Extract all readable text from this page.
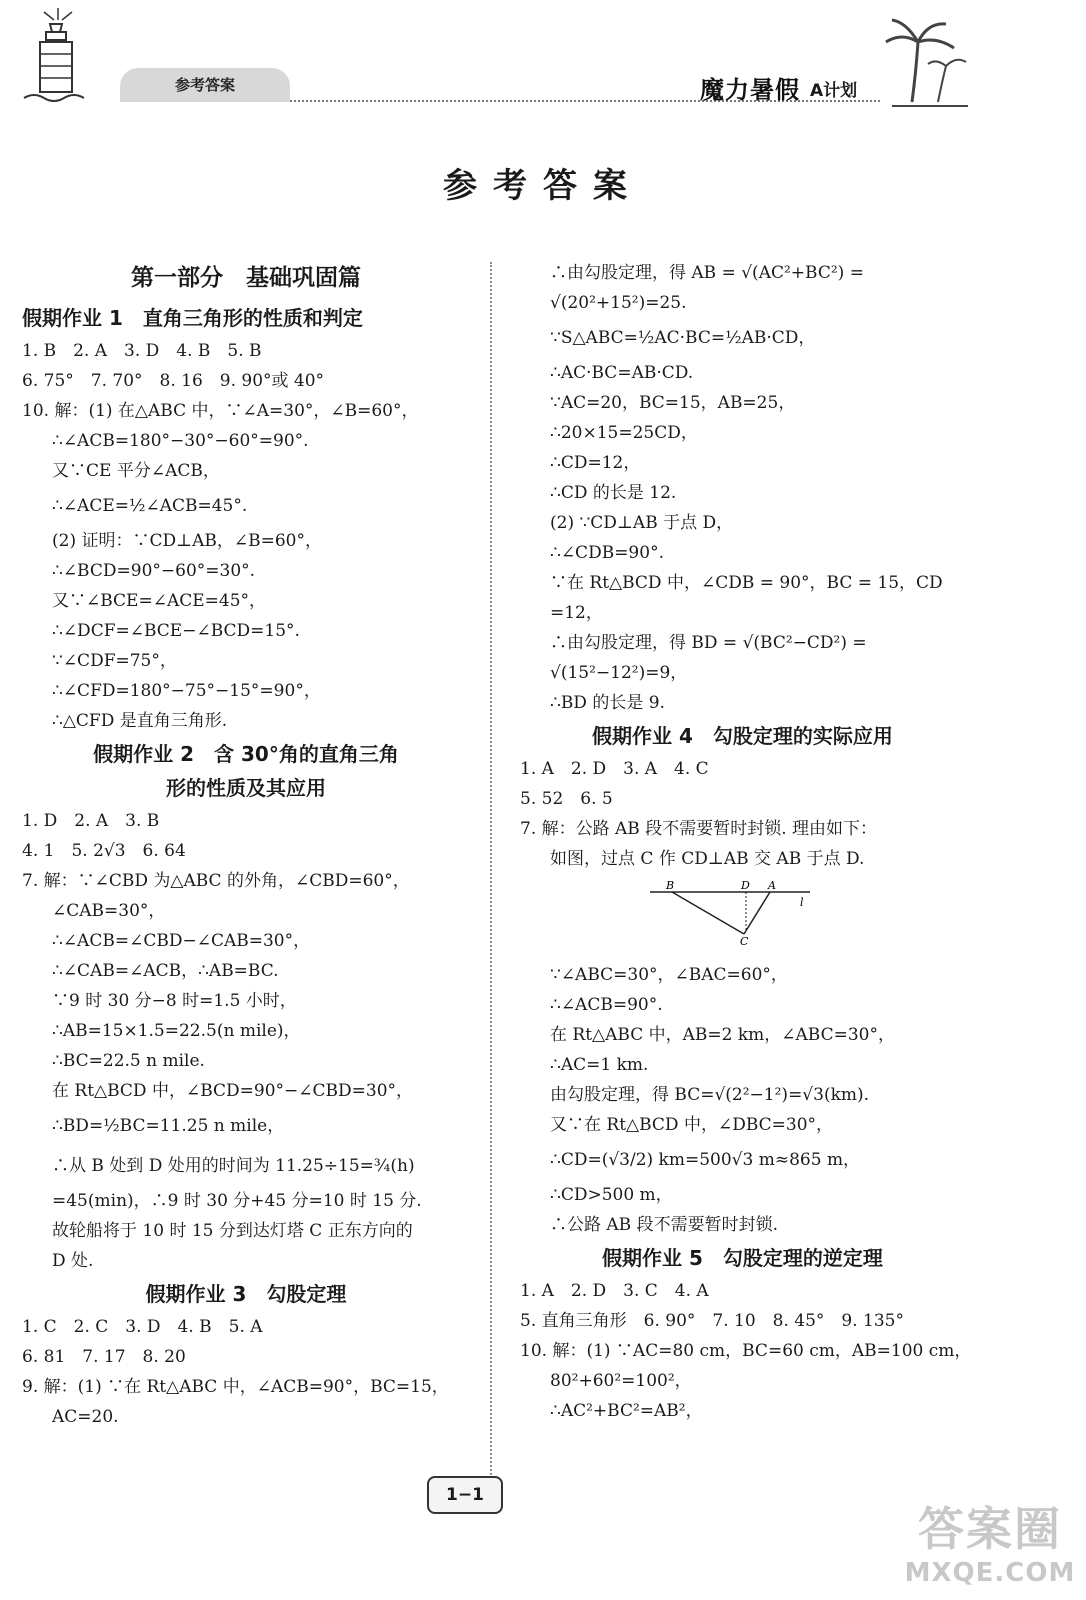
参考答案	魔力暑假 A计划
参考答案
第一部分　基础巩固篇
假期作业 1　直角三角形的性质和判定
1. B　2. A　3. D　4. B　5. B
6. 75°　7. 70°　8. 16　9. 90°或 40°
10. 解：(1) 在△ABC 中，∵∠A=30°，∠B=60°，
∴∠ACB=180°−30°−60°=90°.
又∵CE 平分∠ACB，
∴∠ACE=½∠ACB=45°.
(2) 证明：∵CD⊥AB，∠B=60°，
∴∠BCD=90°−60°=30°.
又∵∠BCE=∠ACE=45°，
∴∠DCF=∠BCE−∠BCD=15°.
∵∠CDF=75°，
∴∠CFD=180°−75°−15°=90°，
∴△CFD 是直角三角形.
假期作业 2　含 30°角的直角三角
形的性质及其应用
1. D　2. A　3. B
4. 1　5. 2√3　6. 64
7. 解：∵∠CBD 为△ABC 的外角，∠CBD=60°，
∠CAB=30°，
∴∠ACB=∠CBD−∠CAB=30°，
∴∠CAB=∠ACB，∴AB=BC.
∵9 时 30 分−8 时=1.5 小时，
∴AB=15×1.5=22.5(n mile)，
∴BC=22.5 n mile.
在 Rt△BCD 中，∠BCD=90°−∠CBD=30°，
∴BD=½BC=11.25 n mile，
∴从 B 处到 D 处用的时间为 11.25÷15=¾(h)
=45(min)，∴9 时 30 分+45 分=10 时 15 分.
故轮船将于 10 时 15 分到达灯塔 C 正东方向的
D 处.
假期作业 3　勾股定理
1. C　2. C　3. D　4. B　5. A
6. 81　7. 17　8. 20
9. 解：(1) ∵在 Rt△ABC 中，∠ACB=90°，BC=15，
AC=20.
∴由勾股定理，得 AB = √(AC²+BC²) =
√(20²+15²)=25.
∵S△ABC=½AC·BC=½AB·CD，
∴AC·BC=AB·CD.
∵AC=20，BC=15，AB=25，
∴20×15=25CD，
∴CD=12，
∴CD 的长是 12.
(2) ∵CD⊥AB 于点 D，
∴∠CDB=90°.
∵在 Rt△BCD 中，∠CDB = 90°，BC = 15，CD
=12，
∴由勾股定理，得 BD = √(BC²−CD²) =
√(15²−12²)=9，
∴BD 的长是 9.
假期作业 4　勾股定理的实际应用
1. A　2. D　3. A　4. C
5. 52　6. 5
7. 解：公路 AB 段不需要暂时封锁. 理由如下：
如图，过点 C 作 CD⊥AB 交 AB 于点 D.
B	D A
l
C
∵∠ABC=30°，∠BAC=60°，
∴∠ACB=90°.
在 Rt△ABC 中，AB=2 km，∠ABC=30°，
∴AC=1 km.
由勾股定理，得 BC=√(2²−1²)=√3(km).
又∵在 Rt△BCD 中，∠DBC=30°，
∴CD=(√3/2) km=500√3 m≈865 m，
∴CD>500 m，
∴公路 AB 段不需要暂时封锁.
假期作业 5　勾股定理的逆定理
1. A　2. D　3. C　4. A
5. 直角三角形　6. 90°　7. 10　8. 45°　9. 135°
10. 解：(1) ∵AC=80 cm，BC=60 cm，AB=100 cm，
80²+60²=100²，
∴AC²+BC²=AB²，
1−1
答案圈
MXQE.COM
